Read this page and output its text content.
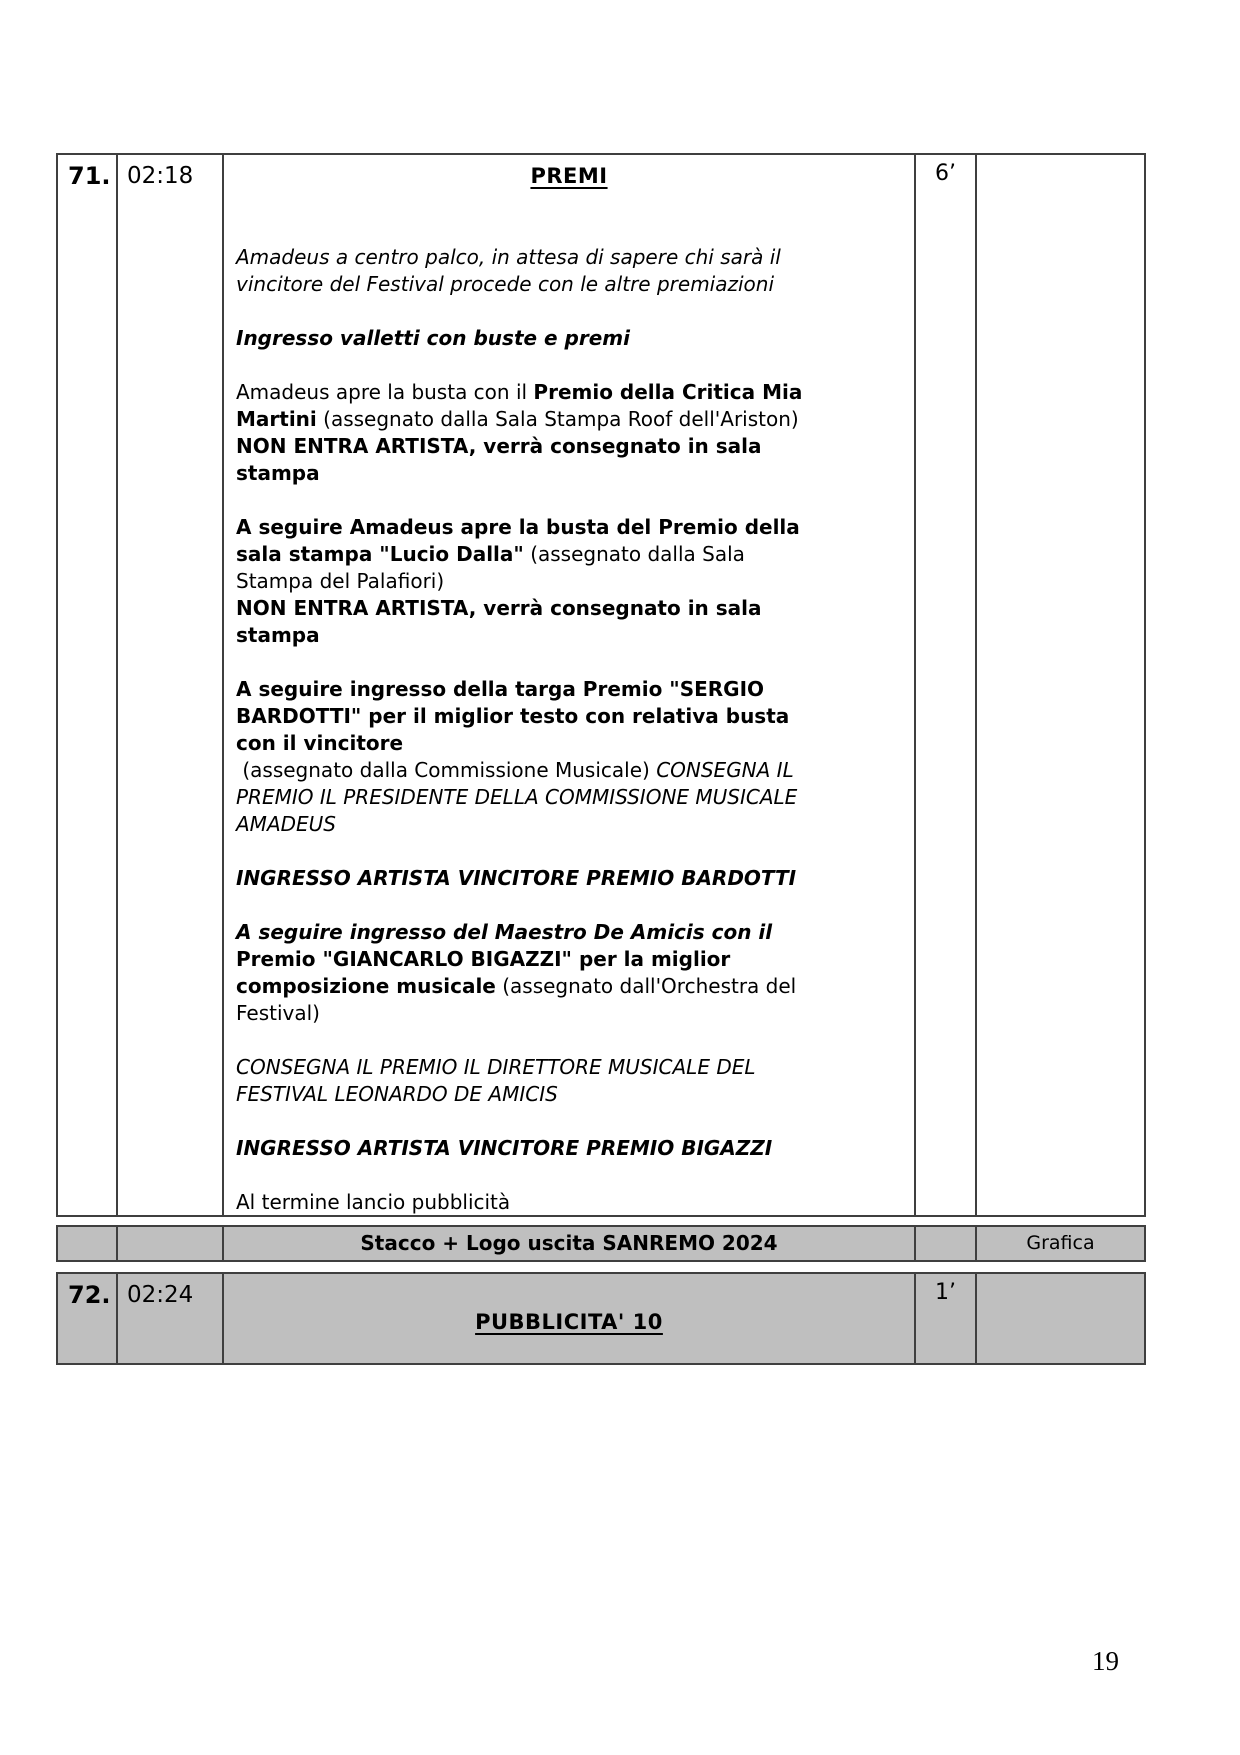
71. 02:18	PREMI
Amadeus a centro palco, in attesa di sapere chi sarà il
vincitore del Festival procede con le altre premiazioni
Ingresso valletti con buste e premi
Amadeus apre la busta con il Premio della Critica Mia
Martini (assegnato dalla Sala Stampa Roof dell'Ariston)
NON ENTRA ARTISTA, verrà consegnato in sala
stampa
A seguire Amadeus apre la busta del Premio della
sala stampa "Lucio Dalla" (assegnato dalla Sala
Stampa del Palafiori)
NON ENTRA ARTISTA, verrà consegnato in sala
stampa
A seguire ingresso della targa Premio "SERGIO
BARDOTTI" per il miglior testo con relativa busta
con il vincitore
(assegnato dalla Commissione Musicale) CONSEGNA IL
PREMIO IL PRESIDENTE DELLA COMMISSIONE MUSICALE
AMADEUS
INGRESSO ARTISTA VINCITORE PREMIO BARDOTTI
A seguire ingresso del Maestro De Amicis con il
Premio "GIANCARLO BIGAZZI" per la miglior
composizione musicale (assegnato dall'Orchestra del
Festival)
CONSEGNA IL PREMIO IL DIRETTORE MUSICALE DEL
FESTIVAL LEONARDO DE AMICIS
INGRESSO ARTISTA VINCITORE PREMIO BIGAZZI
Al termine lancio pubblicità
6’
Stacco + Logo uscita SANREMO 2024	Grafica
72. 02:24
PUBBLICITA' 10
1’
19
